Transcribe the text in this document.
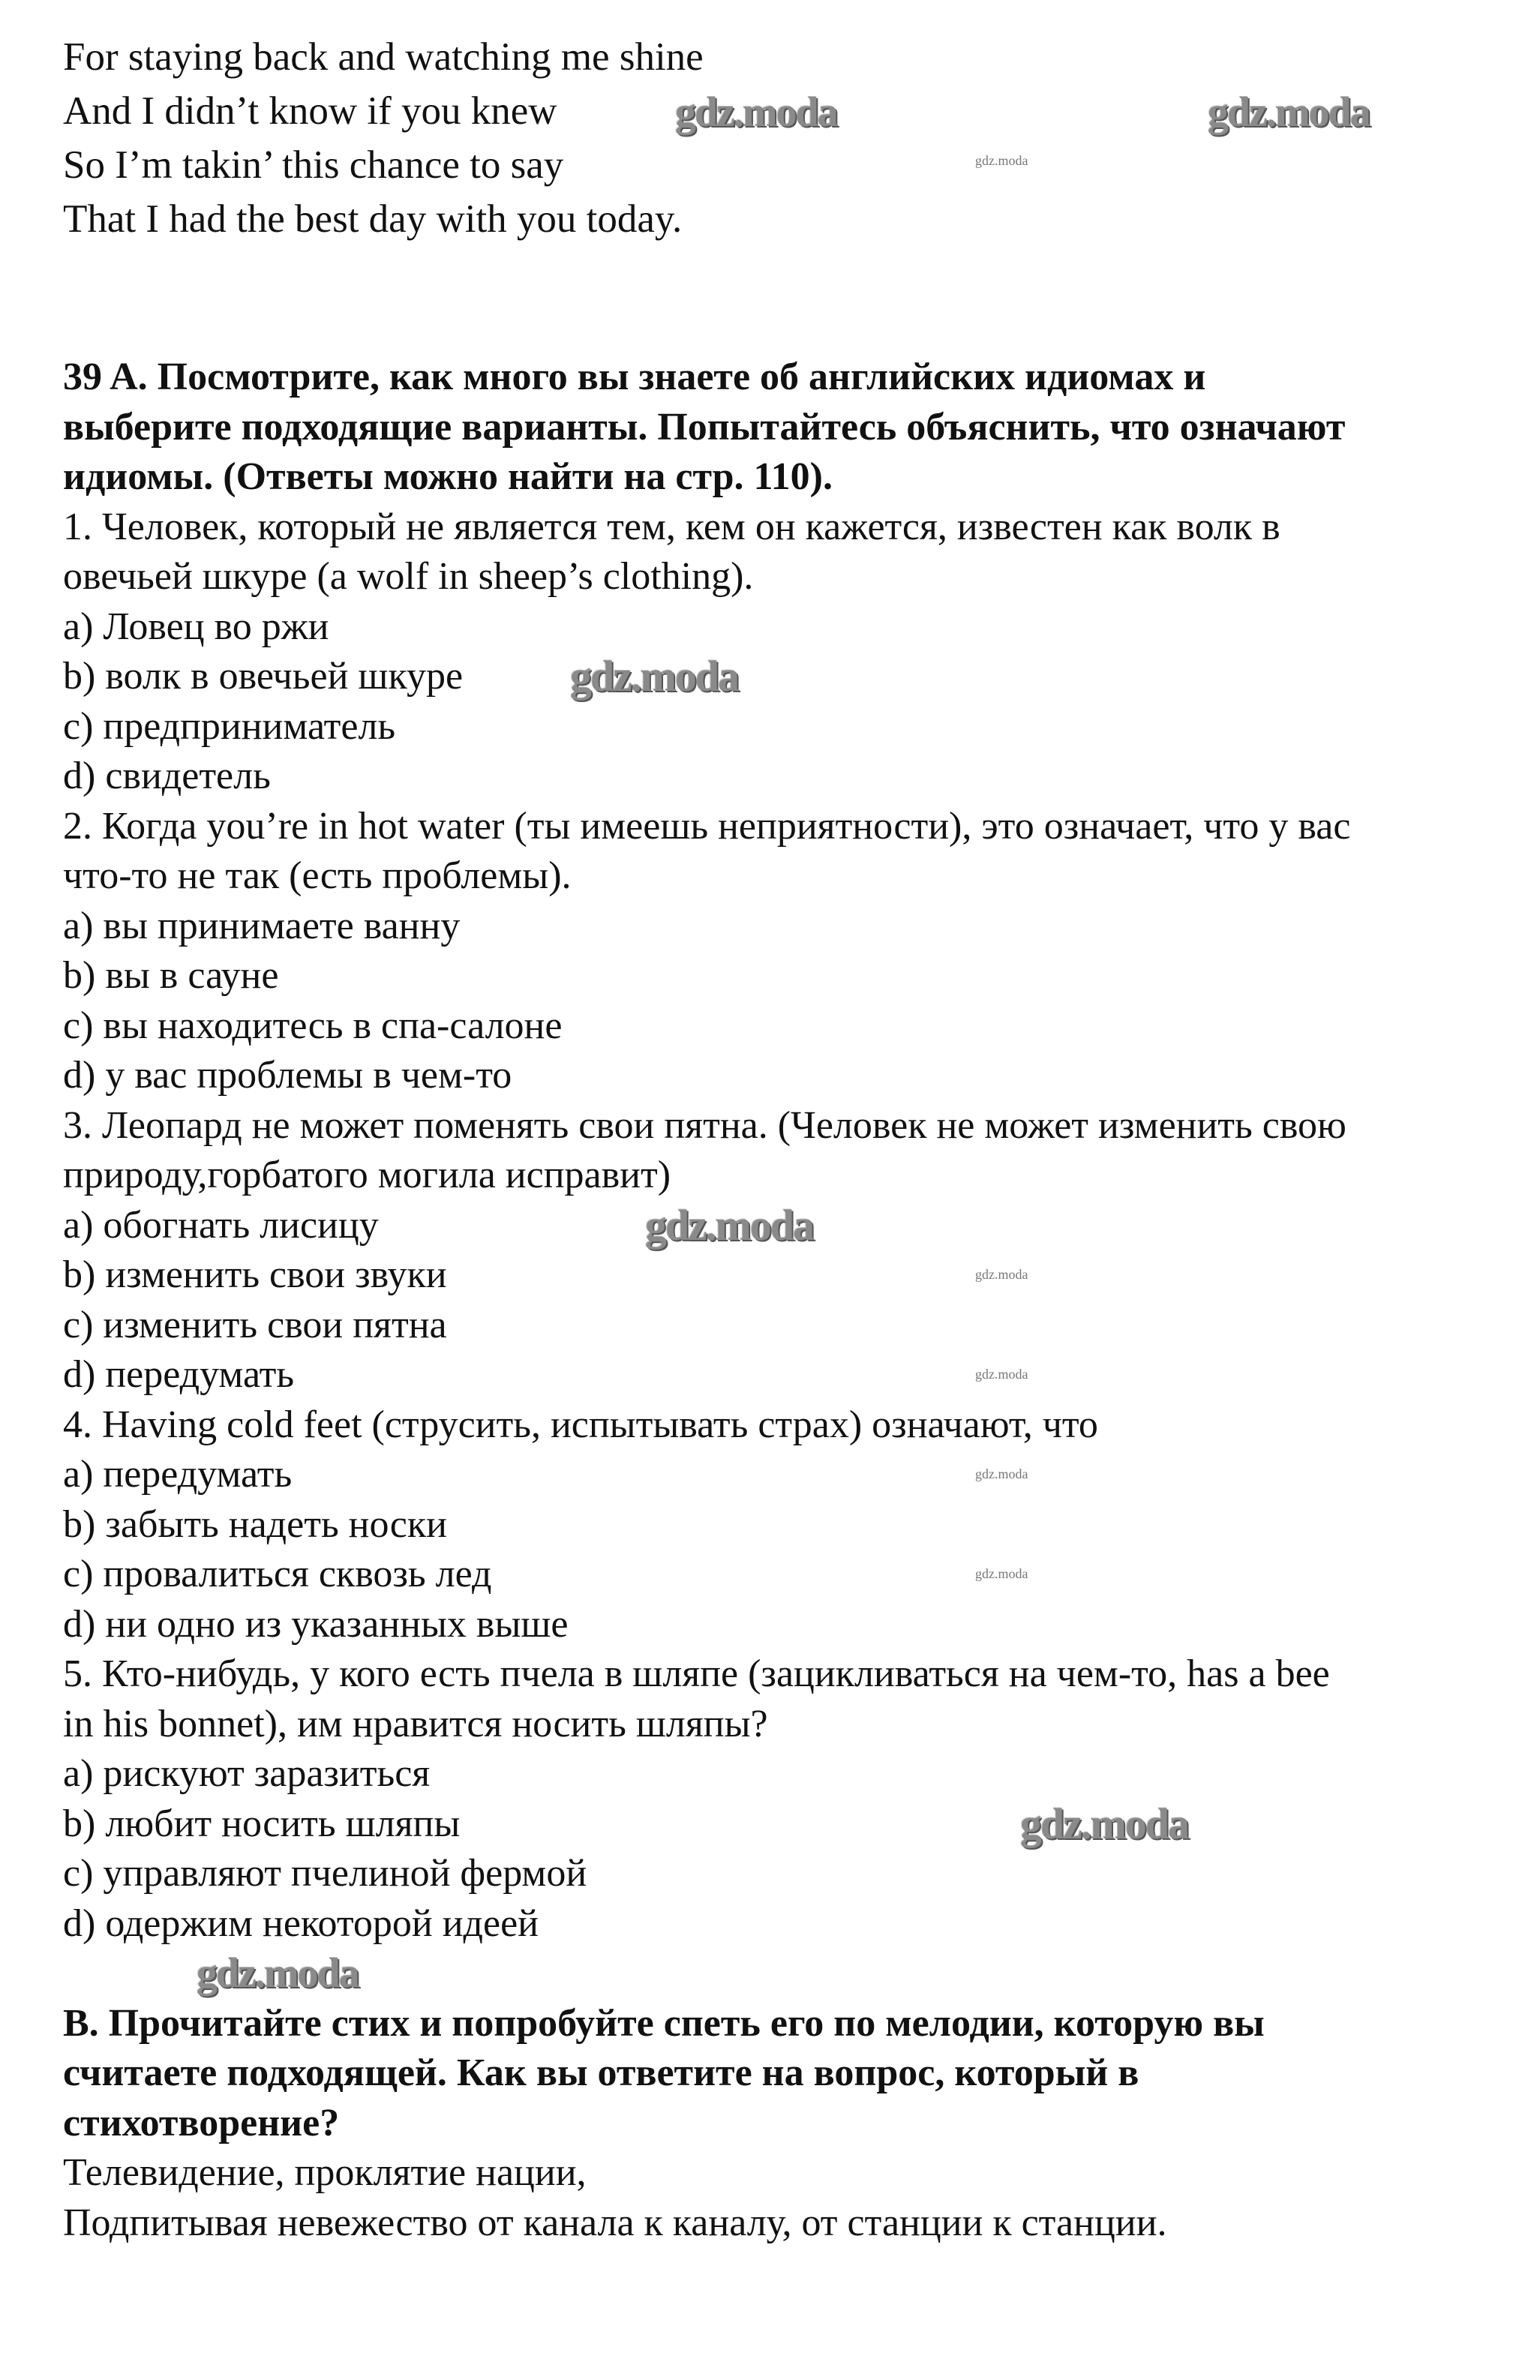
For staying back and watching me shine
And I didn’t know if you knew
So I’m takin’ this chance to say
That I had the best day with you today.
39 A. Посмотрите, как много вы знаете об английских идиомах и
выберите подходящие варианты. Попытайтесь объяснить, что означают
идиомы. (Ответы можно найти на стр. 110).
1. Человек, который не является тем, кем он кажется, известен как волк в
овечьей шкуре (a wolf in sheep’s clothing).
a) Ловец во ржи
b) волк в овечьей шкуре
c) предприниматель
d) свидетель
2. Когда you’re in hot water (ты имеешь неприятности), это означает, что у вас
что-то не так (есть проблемы).
a) вы принимаете ванну
b) вы в сауне
c) вы находитесь в спа-салоне
d) у вас проблемы в чем-то
3. Леопард не может поменять свои пятна. (Человек не может изменить свою
природу,горбатого могила исправит)
a) обогнать лисицу
b) изменить свои звуки
c) изменить свои пятна
d) передумать
4. Having cold feet (струсить, испытывать страх) означают, что
a) передумать
b) забыть надеть носки
c) провалиться сквозь лед
d) ни одно из указанных выше
5. Кто-нибудь, у кого есть пчела в шляпе (зацикливаться на чем-то, has a bee
in his bonnet), им нравится носить шляпы?
a) рискуют заразиться
b) любит носить шляпы
c) управляют пчелиной фермой
d) одержим некоторой идеей
B. Прочитайте стих и попробуйте спеть его по мелодии, которую вы
считаете подходящей. Как вы ответите на вопрос, который в
стихотворение?
Телевидение, проклятие нации,
Подпитывая невежество от канала к каналу, от станции к станции.
gdz.moda	gdz.moda
gdz.moda
gdz.moda
gdz.moda
gdz.moda
gdz.moda
gdz.moda
gdz.moda
gdz.moda
gdz.moda
